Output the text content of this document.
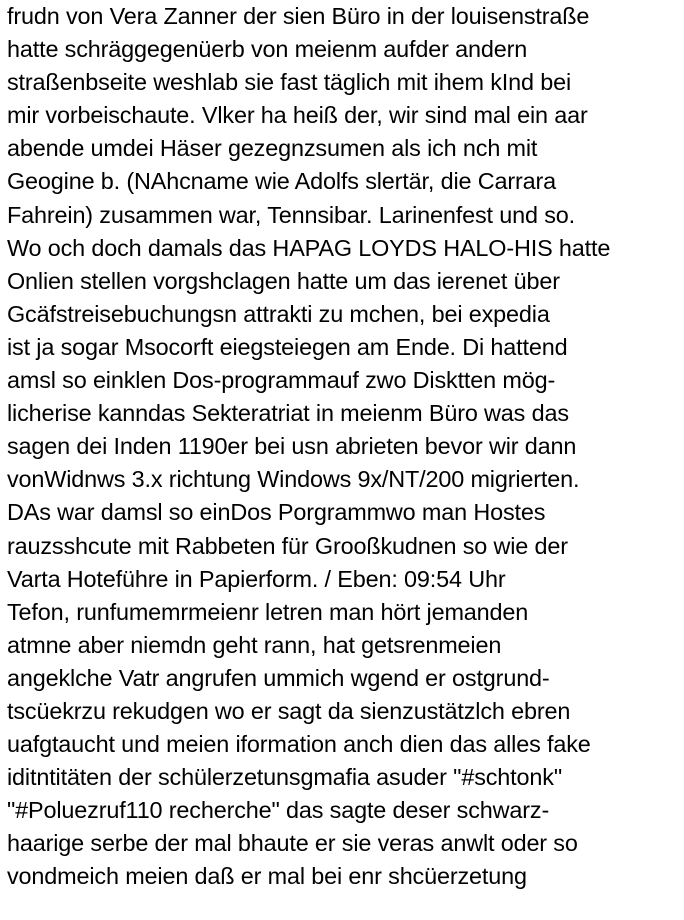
frudn von Vera Zanner der sien Büro in der louisenstraße
hatte schräggegenüerb von meienm aufder andern
straßenbseite weshlab sie fast täglich mit ihem kInd bei
mir vorbeischaute. Vlker ha heiß der, wir sind mal ein aar
abende umdei Häser gezegnzsumen als ich nch mit
Geogine b. (NAhcname wie Adolfs slertär, die Carrara
Fahrein) zusammen war, Tennsibar. Larinenfest und so.
Wo och doch damals das HAPAG LOYDS HALO-HIS hatte
Onlien stellen vorgshclagen hatte um das ierenet über
Gcäfstreisebuchungsn attrakti zu mchen, bei expedia
ist ja sogar Msocorft eiegsteiegen am Ende. Di hattend
amsl so einklen Dos-programmauf zwo Disktten mög-
licherise kanndas Sekteratriat in meienm Büro was das
sagen dei Inden 1190er bei usn abrieten bevor wir dann
vonWidnws 3.x richtung Windows 9x/NT/200 migrierten.
DAs war damsl so einDos Porgrammwo man Hostes
rauzsshcute mit Rabbeten für Grooßkudnen so wie der
Varta Hoteführe in Papierform. / Eben: 09:54 Uhr
Tefon, runfumemrmeienr letren man hört jemanden
atmne aber niemdn geht rann, hat getsrenmeien
angeklche Vatr angrufen ummich wgend er ostgrund-
tscüekrzu rekudgen wo er sagt da sienzustätzlch ebren
uafgtaucht und meien iformation anch dien das alles fake
iditntitäten der schülerzetunsgmafia asuder "#schtonk"
"#Poluezruf110 recherche" das sagte deser schwarz-
haarige serbe der mal bhaute er sie veras anwlt oder so
vondmeich meien daß er mal bei enr shcüerzetung
